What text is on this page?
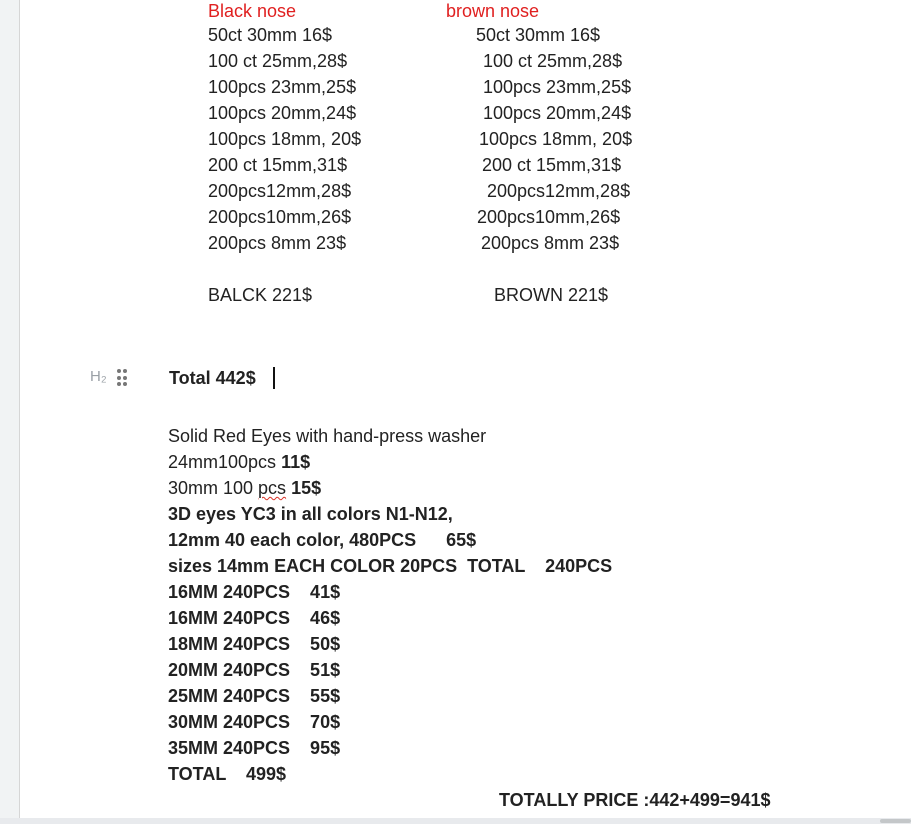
Black nose
50ct 30mm 16$
100 ct 25mm,28$
100pcs 23mm,25$
100pcs 20mm,24$
100pcs 18mm, 20$
200 ct 15mm,31$
200pcs12mm,28$
200pcs10mm,26$
200pcs 8mm 23$
BALCK 221$
brown nose
50ct 30mm 16$
100 ct 25mm,28$
100pcs 23mm,25$
100pcs 20mm,24$
100pcs 18mm, 20$
200 ct 15mm,31$
200pcs12mm,28$
200pcs10mm,26$
200pcs 8mm 23$
BROWN 221$
H₂	Total 442$
Solid Red Eyes with hand-press washer
24mm100pcs 11$
30mm 100 pcs 15$
3D eyes YC3 in all colors N1-N12,
12mm 40 each color, 480PCS      65$
sizes 14mm EACH COLOR 20PCS  TOTAL    240PCS
16MM 240PCS    41$
16MM 240PCS    46$
18MM 240PCS    50$
20MM 240PCS    51$
25MM 240PCS    55$
30MM 240PCS    70$
35MM 240PCS    95$
TOTAL    499$
TOTALLY PRICE :442+499=941$
